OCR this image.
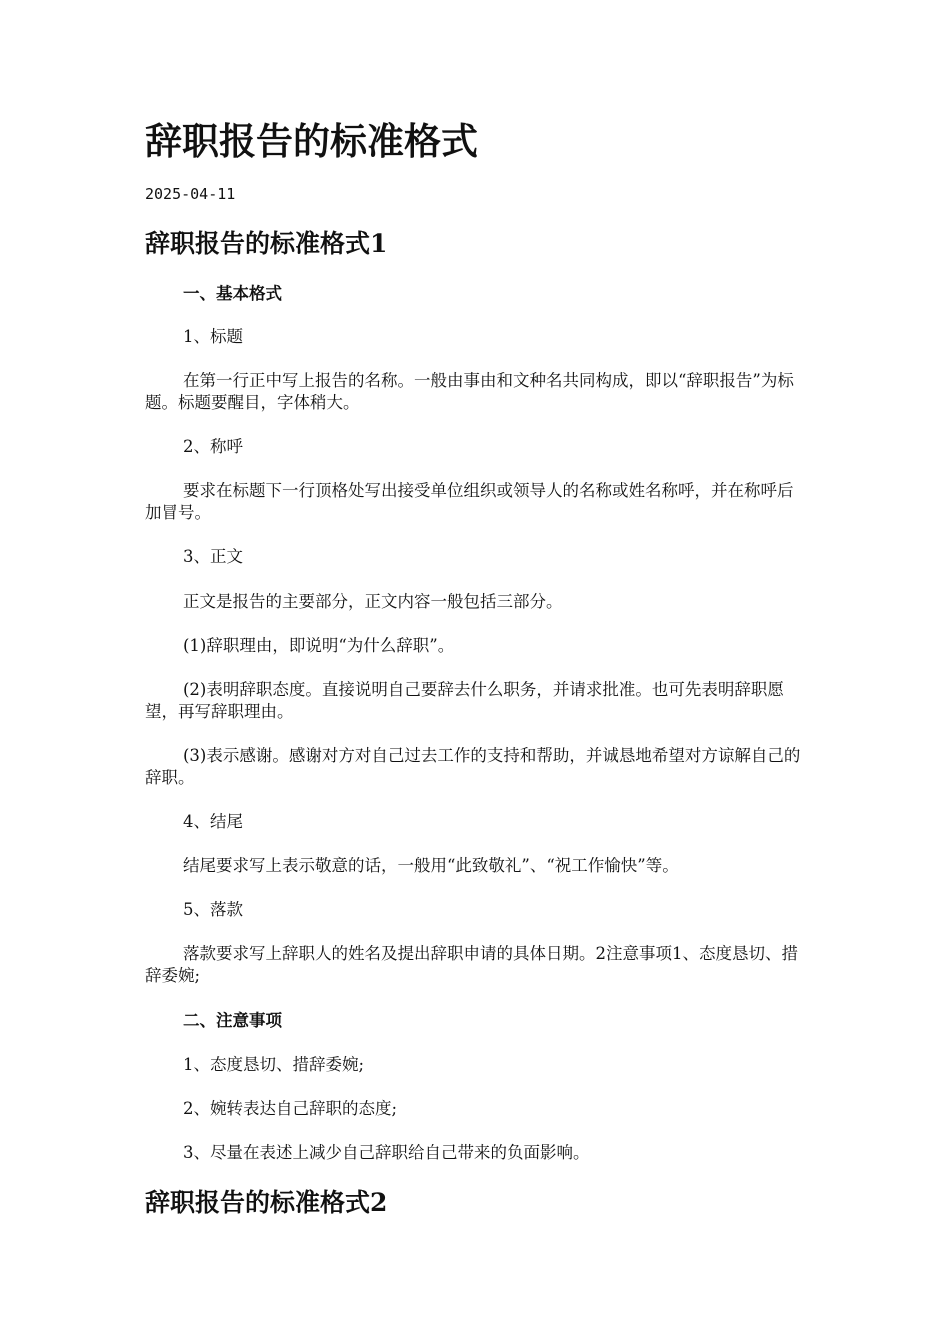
辞职报告的标准格式
2025-04-11
辞职报告的标准格式1

一、基本格式

1、标题

在第一行正中写上报告的名称。一般由事由和文种名共同构成，即以“辞职报告”为标题。标题要醒目，字体稍大。

2、称呼

要求在标题下一行顶格处写出接受单位组织或领导人的名称或姓名称呼，并在称呼后加冒号。

3、正文

正文是报告的主要部分，正文内容一般包括三部分。

(1)辞职理由，即说明“为什么辞职”。

(2)表明辞职态度。直接说明自己要辞去什么职务，并请求批准。也可先表明辞职愿望，再写辞职理由。

(3)表示感谢。感谢对方对自己过去工作的支持和帮助，并诚恳地希望对方谅解自己的辞职。

4、结尾

结尾要求写上表示敬意的话，一般用“此致敬礼”、“祝工作愉快”等。

5、落款

落款要求写上辞职人的姓名及提出辞职申请的具体日期。2注意事项1、态度恳切、措辞委婉;

二、注意事项

1、态度恳切、措辞委婉;

2、婉转表达自己辞职的态度;

3、尽量在表述上减少自己辞职给自己带来的负面影响。

辞职报告的标准格式2
